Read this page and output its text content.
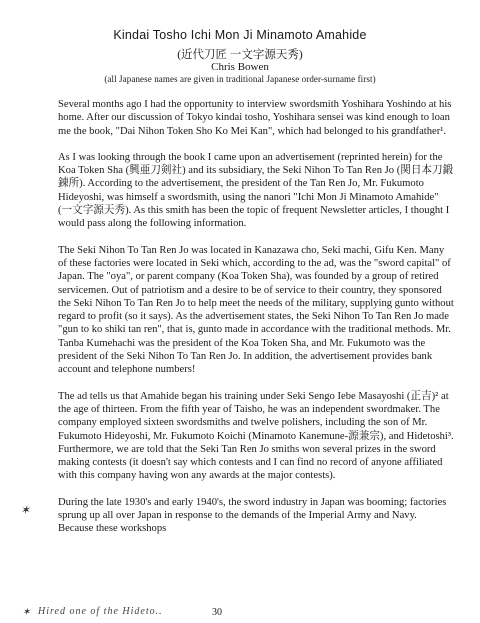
Kindai Tosho Ichi Mon Ji Minamoto Amahide
(近代刀匠 一文字源天秀)
Chris Bowen
(all Japanese names are given in traditional Japanese order-surname first)

Several months ago I had the opportunity to interview swordsmith Yoshihara Yoshindo at his home. After our discussion of Tokyo kindai tosho, Yoshihara sensei was kind enough to loan me the book, "Dai Nihon Token Sho Ko Mei Kan", which had belonged to his grandfather¹.

As I was looking through the book I came upon an advertisement (reprinted herein) for the Koa Token Sha (興亜刀剣社) and its subsidiary, the Seki Nihon To Tan Ren Jo (関日本刀鍛錬所). According to the advertisement, the president of the Tan Ren Jo, Mr. Fukumoto Hideyoshi, was himself a swordsmith, using the nanori "Ichi Mon Ji Minamoto Amahide" (一文字源天秀). As this smith has been the topic of frequent Newsletter articles, I thought I would pass along the following information.

The Seki Nihon To Tan Ren Jo was located in Kanazawa cho, Seki machi, Gifu Ken. Many of these factories were located in Seki which, according to the ad, was the "sword capital" of Japan. The "oya", or parent company (Koa Token Sha), was founded by a group of retired servicemen. Out of patriotism and a desire to be of service to their country, they sponsored the Seki Nihon To Tan Ren Jo to help meet the needs of the military, supplying gunto without regard to profit (so it says). As the advertisement states, the Seki Nihon To Tan Ren Jo made "gun to ko shiki tan ren", that is, gunto made in accordance with the traditional methods. Mr. Tanba Kumehachi was the president of the Koa Token Sha, and Mr. Fukumoto was the president of the Seki Nihon To Tan Ren Jo. In addition, the advertisement provides bank account and telephone numbers!

The ad tells us that Amahide began his training under Seki Sengo Iebe Masayoshi (正吉)² at the age of thirteen. From the fifth year of Taisho, he was an independent swordmaker. The company employed sixteen swordsmiths and twelve polishers, including the son of Mr. Fukumoto Hideyoshi, Mr. Fukumoto Koichi (Minamoto Kanemune-源兼宗), and Hidetoshi³. Furthermore, we are told that the Seki Tan Ren Jo smiths won several prizes in the sword making contests (it doesn't say which contests and I can find no record of anyone affiliated with this company having won any awards at the major contests).

During the late 1930's and early 1940's, the sword industry in Japan was booming; factories sprung up all over Japan in response to the demands of the Imperial Army and Navy. Because these workshops

✶
✶ Hired one of the Hideto..	30
